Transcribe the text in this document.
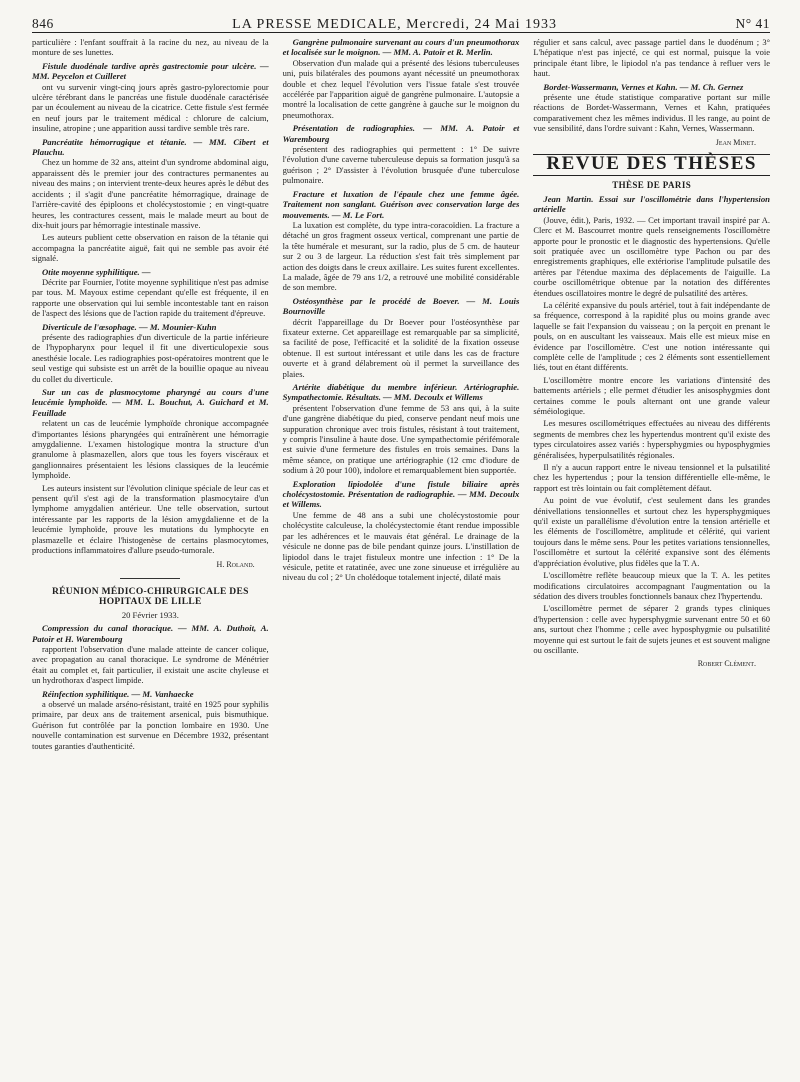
846	LA PRESSE MEDICALE, Mercredi, 24 Mai 1933	N° 41

particulière : l'enfant souffrait à la racine du nez, au niveau de la monture de ses lunettes.

Fistule duodénale tardive après gastrectomie pour ulcère. — MM. Peycelon et Cuilleret

ont vu survenir vingt-cinq jours après gastro-pylorectomie pour ulcère térébrant dans le pancréas une fistule duodénale caractérisée par un écoulement au niveau de la cicatrice. Cette fistule s'est fermée en neuf jours par le traitement médical : chlorure de calcium, insuline, atropine ; une apparition aussi tardive semble très rare.

Pancréatite hémorragique et tétanie. — MM. Cibert et Plauchu.

Chez un homme de 32 ans, atteint d'un syndrome abdominal aigu, apparaissent dès le premier jour des contractures permanentes au niveau des mains ; on intervient trente-deux heures après le début des accidents ; il s'agit d'une pancréatite hémorragique, drainage de l'arrière-cavité des épiploons et cholécystostomie ; en vingt-quatre heures, les contractures cessent, mais le malade meurt au bout de dix-huit jours par hémorragie intestinale massive.

Les auteurs publient cette observation en raison de la tétanie qui accompagna la pancréatite aiguë, fait qui ne semble pas avoir été signalé.

Otite moyenne syphilitique. —

Décrite par Fournier, l'otite moyenne syphilitique n'est pas admise par tous. M. Mayoux estime cependant qu'elle est fréquente, il en rapporte une observation qui lui semble incontestable tant en raison de l'aspect des lésions que de l'action rapide du traitement d'épreuve.

Diverticule de l'œsophage. — M. Mounier-Kuhn

présente des radiographies d'un diverticule de la partie inférieure de l'hypopharynx pour lequel il fit une diverticulopexie sous anesthésie locale. Les radiographies post-opératoires montrent que le seul vestige qui subsiste est un arrêt de la bouillie opaque au niveau du collet du diverticule.

Sur un cas de plasmocytome pharyngé au cours d'une leucémie lymphoïde. — MM. L. Bouchut, A. Guichard et M. Feuillade

relatent un cas de leucémie lymphoïde chronique accompagnée d'importantes lésions pharyngées qui entraînèrent une hémorragie amygdalienne. L'examen histologique montra la structure d'un granulome à plasmazellen, alors que tous les foyers viscéraux et ganglionnaires présentaient les lésions classiques de la leucémie lymphoïde.

Les auteurs insistent sur l'évolution clinique spéciale de leur cas et pensent qu'il s'est agi de la transformation plasmocytaire d'un lymphome amygdalien antérieur. Une telle observation, surtout intéressante par les rapports de la lésion amygdalienne et de la leucémie lymphoïde, prouve les mutations du lymphocyte en plasmazelle et éclaire l'histogenèse de certains plasmocytomes, productions inflammatoires d'allure pseudo-tumorale.

H. Roland.
RÉUNION MÉDICO-CHIRURGICALE DES HOPITAUX DE LILLE
20 Février 1933.
Compression du canal thoracique. — MM. A. Duthoit, A. Patoir et H. Warembourg

rapportent l'observation d'une malade atteinte de cancer colique, avec propagation au canal thoracique. Le syndrome de Ménétrier était au complet et, fait particulier, il existait une ascite chyleuse et un hydrothorax d'aspect limpide.

Réinfection syphilitique. — M. Vanhaecke

a observé un malade arséno-résistant, traité en 1925 pour syphilis primaire, par deux ans de traitement arsenical, puis bismuthique. Guérison fut contrôlée par la ponction lombaire en 1930. Une nouvelle contamination est survenue en Décembre 1932, présentant toutes garanties d'authenticité.

Gangrène pulmonaire survenant au cours d'un pneumothorax et localisée sur le moignon. — MM. A. Patoir et R. Merlin.

Observation d'un malade qui a présenté des lésions tuberculeuses uni, puis bilatérales des poumons ayant nécessité un pneumothorax double et chez lequel l'évolution vers l'issue fatale s'est trouvée accélérée par l'apparition aiguë de gangrène pulmonaire. L'autopsie a montré la localisation de cette gangrène à gauche sur le moignon du pneumothorax.

Présentation de radiographies. — MM. A. Patoir et Warembourg

présentent des radiographies qui permettent : 1° De suivre l'évolution d'une caverne tuberculeuse depuis sa formation jusqu'à sa guérison ; 2° D'assister à l'évolution brusquée d'une tuberculose pulmonaire.

Fracture et luxation de l'épaule chez une femme âgée. Traitement non sanglant. Guérison avec conservation large des mouvements. — M. Le Fort.

La luxation est complète, du type intra-coracoïdien. La fracture a détaché un gros fragment osseux vertical, comprenant une partie de la tête humérale et mesurant, sur la radio, plus de 5 cm. de hauteur sur 2 ou 3 de largeur. La réduction s'est fait très simplement par action des doigts dans le creux axillaire. Les suites furent excellentes. La malade, âgée de 79 ans 1/2, a retrouvé une mobilité considérable de son membre.

Ostéosynthèse par le procédé de Boever. — M. Louis Bournoville

décrit l'appareillage du Dr Boever pour l'ostéosynthèse par fixateur externe. Cet appareillage est remarquable par sa simplicité, sa facilité de pose, l'efficacité et la solidité de la fixation osseuse obtenue. Il est surtout intéressant et utile dans les cas de fracture ouverte et à grand délabrement où il permet la surveillance des plaies.

Artérite diabétique du membre inférieur. Artériographie. Sympathectomie. Résultats. — MM. Decoulx et Willems

présentent l'observation d'une femme de 53 ans qui, à la suite d'une gangrène diabétique du pied, conserve pendant neuf mois une suppuration chronique avec trois fistules, résistant à tout traitement, y compris l'insuline à haute dose. Une sympathectomie périfémorale est suivie d'une fermeture des fistules en trois semaines. Dans la même séance, on pratique une artériographie (12 cmc d'iodure de sodium à 20 pour 100), indolore et remarquablement bien supportée.

Exploration lipiodolée d'une fistule biliaire après cholécystostomie. Présentation de radiographie. — MM. Decoulx et Willems.

Une femme de 48 ans a subi une cholécystostomie pour cholécystite calculeuse, la cholécystectomie étant rendue impossible par les adhérences et le mauvais état général. Le drainage de la vésicule ne donne pas de bile pendant quinze jours. L'instillation de lipiodol dans le trajet fistuleux montre une infection : 1° De la vésicule, petite et ratatinée, avec une zone sinueuse et irrégulière au niveau du col ; 2° Un cholédoque totalement injecté, dilaté mais

régulier et sans calcul, avec passage partiel dans le duodénum ; 3° L'hépatique n'est pas injecté, ce qui est normal, puisque la voie principale étant libre, le lipiodol n'a pas tendance à refluer vers le haut.

Bordet-Wassermann, Vernes et Kahn. — M. Ch. Gernez

présente une étude statistique comparative portant sur mille réactions de Bordet-Wassermann, Vernes et Kahn, pratiquées comparativement chez les mêmes individus. Il les range, au point de vue sensibilité, dans l'ordre suivant : Kahn, Vernes, Wassermann.

Jean Minet.
REVUE DES THÈSES
THÈSE DE PARIS
Jean Martin. Essai sur l'oscillométrie dans l'hypertension artérielle

(Jouve, édit.), Paris, 1932. — Cet important travail inspiré par A. Clerc et M. Bascourret montre quels renseignements l'oscillomètre apporte pour le pronostic et le diagnostic des hypertensions. Qu'elle soit pratiquée avec un oscillomètre type Pachon ou par des enregistrements graphiques, elle extériorise l'amplitude pulsatile des artères par l'étendue maxima des déplacements de l'aiguille. La courbe oscillométrique obtenue par la notation des différentes étendues oscillatoires montre le degré de pulsatilité des artères.

La célérité expansive du pouls artériel, tout à fait indépendante de sa fréquence, correspond à la rapidité plus ou moins grande avec laquelle se fait l'expansion du vaisseau ; on la perçoit en prenant le pouls, on en auscultant les vaisseaux. Mais elle est mieux mise en évidence par l'oscillomètre. C'est une notion intéressante qui complète celle de l'amplitude ; ces 2 éléments sont essentiellement liés, tout en étant différents.

L'oscillomètre montre encore les variations d'intensité des battements artériels ; elle permet d'étudier les anisosphygmies dont certaines comme le pouls alternant ont une grande valeur séméiologique.

Les mesures oscillométriques effectuées au niveau des différents segments de membres chez les hypertendus montrent qu'il existe des types circulatoires assez variés : hypersphygmies ou hyposphygmies généralisées, hyperpulsatilités régionales.

Il n'y a aucun rapport entre le niveau tensionnel et la pulsatilité chez les hypertendus ; pour la tension différentielle elle-même, le rapport est très lointain ou fait complètement défaut.

Au point de vue évolutif, c'est seulement dans les grandes dénivellations tensionnelles et surtout chez les hypersphygmiques qu'il existe un parallélisme d'évolution entre la tension artérielle et les éléments de l'oscillomètre, amplitude et célérité, qui varient toujours dans le même sens. Pour les petites variations tensionnelles, l'oscillomètre et surtout la célérité expansive sont des éléments d'appréciation évolutive, plus fidèles que la T. A.

L'oscillomètre reflète beaucoup mieux que la T. A. les petites modifications circulatoires accompagnant l'augmentation ou la sédation des divers troubles fonctionnels banaux chez l'hypertendu.

L'oscillomètre permet de séparer 2 grands types cliniques d'hypertension : celle avec hypersphygmie survenant entre 50 et 60 ans, surtout chez l'homme ; celle avec hyposphygmie ou pulsatilité moyenne qui est surtout le fait de sujets jeunes et est souvent maligne ou oscillante.

Robert Clément.
